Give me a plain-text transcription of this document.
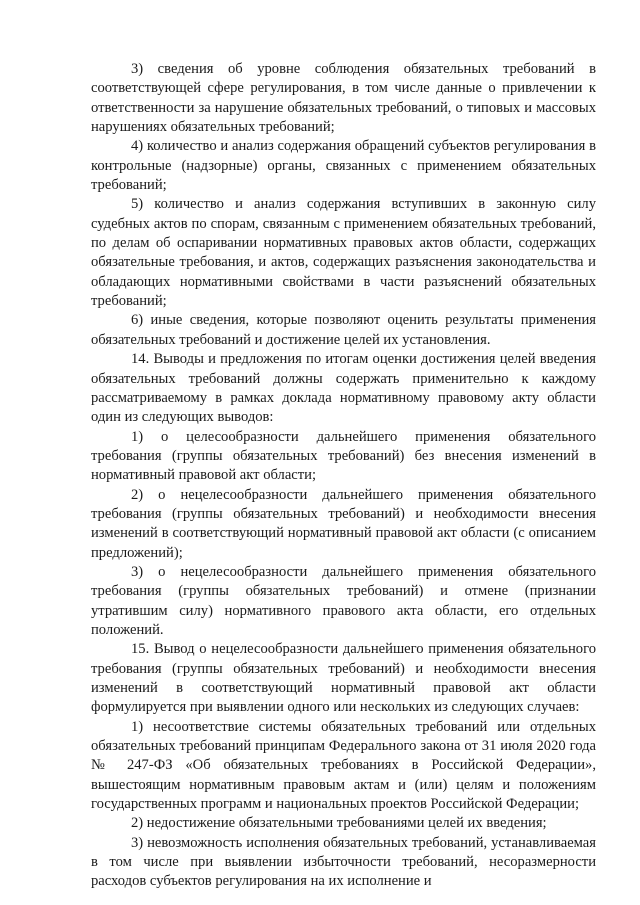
3) сведения об уровне соблюдения обязательных требований в соответствующей сфере регулирования, в том числе данные о привлечении к ответственности за нарушение обязательных требований, о типовых и массовых нарушениях обязательных требований;

4) количество и анализ содержания обращений субъектов регулирования в контрольные (надзорные) органы, связанных с применением обязательных требований;

5) количество и анализ содержания вступивших в законную силу судебных актов по спорам, связанным с применением обязательных требований, по делам об оспаривании нормативных правовых актов области, содержащих обязательные требования, и актов, содержащих разъяснения законодательства и обладающих нормативными свойствами в части разъяснений обязательных требований;

6) иные сведения, которые позволяют оценить результаты применения обязательных требований и достижение целей их установления.

14. Выводы и предложения по итогам оценки достижения целей введения обязательных требований должны содержать применительно к каждому рассматриваемому в рамках доклада нормативному правовому акту области один из следующих выводов:

1) о целесообразности дальнейшего применения обязательного требования (группы обязательных требований) без внесения изменений в нормативный правовой акт области;

2) о нецелесообразности дальнейшего применения обязательного требования (группы обязательных требований) и необходимости внесения изменений в соответствующий нормативный правовой акт области (с описанием предложений);

3) о нецелесообразности дальнейшего применения обязательного требования (группы обязательных требований) и отмене (признании утратившим силу) нормативного правового акта области, его отдельных положений.

15. Вывод о нецелесообразности дальнейшего применения обязательного требования (группы обязательных требований) и необходимости внесения изменений в соответствующий нормативный правовой акт области формулируется при выявлении одного или нескольких из следующих случаев:

1) несоответствие системы обязательных требований или отдельных обязательных требований принципам Федерального закона от 31 июля 2020 года № 247-ФЗ «Об обязательных требованиях в Российской Федерации», вышестоящим нормативным правовым актам и (или) целям и положениям государственных программ и национальных проектов Российской Федерации;

2) недостижение обязательными требованиями целей их введения;

3) невозможность исполнения обязательных требований, устанавливаемая в том числе при выявлении избыточности требований, несоразмерности расходов субъектов регулирования на их исполнение и
